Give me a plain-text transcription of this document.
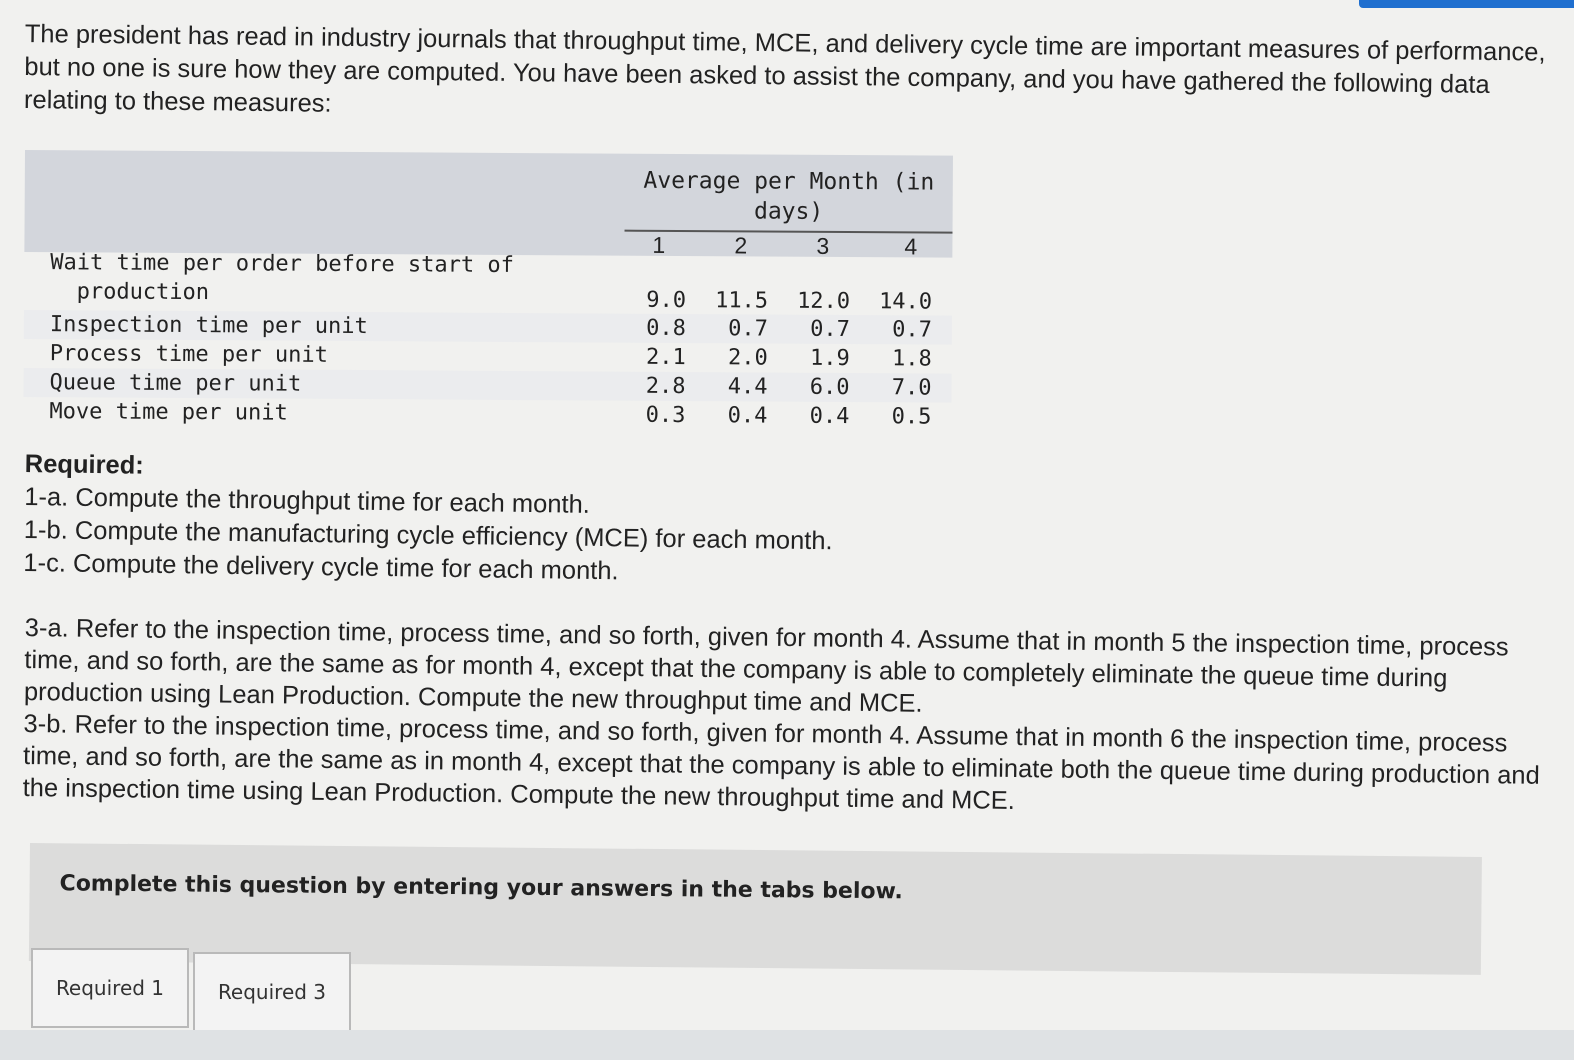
The president has read in industry journals that throughput time, MCE, and delivery cycle time are important measures of performance, but no one is sure how they are computed. You have been asked to assist the company, and you have gathered the following data relating to these measures:

Average per Month (in days)
1	2	3	4
Wait time per order before start of
production	9.0	11.5	12.0	14.0
Inspection time per unit	0.8	0.7	0.7	0.7
Process time per unit	2.1	2.0	1.9	1.8
Queue time per unit	2.8	4.4	6.0	7.0
Move time per unit	0.3	0.4	0.4	0.5
Required:
1-a. Compute the throughput time for each month.
1-b. Compute the manufacturing cycle efficiency (MCE) for each month.
1-c. Compute the delivery cycle time for each month.

3-a. Refer to the inspection time, process time, and so forth, given for month 4. Assume that in month 5 the inspection time, process time, and so forth, are the same as for month 4, except that the company is able to completely eliminate the queue time during production using Lean Production. Compute the new throughput time and MCE.

3-b. Refer to the inspection time, process time, and so forth, given for month 4. Assume that in month 6 the inspection time, process time, and so forth, are the same as in month 4, except that the company is able to eliminate both the queue time during production and the inspection time using Lean Production. Compute the new throughput time and MCE.

Complete this question by entering your answers in the tabs below.
Required 1	Required 3
